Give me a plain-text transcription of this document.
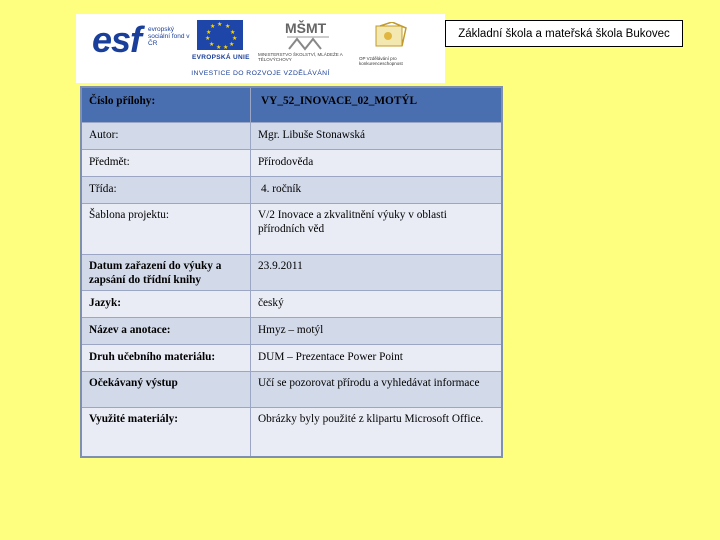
esf evropský sociální fond v ČR
★ ★
★
★
★
★
★
★
★
★
★
EVROPSKÁ UNIE
MŠMT
MINISTERSTVO ŠKOLSTVÍ, MLÁDEŽE A TĚLOVÝCHOVY	OP Vzdělávání pro konkurenceschopnost
INVESTICE DO ROZVOJE VZDĚLÁVÁNÍ
Základní škola a mateřská škola Bukovec
Číslo přílohy:	VY_52_INOVACE_02_MOTÝL
Autor:	Mgr. Libuše Stonawská
Předmět:	Přírodověda
Třída:	4. ročník
Šablona projektu:	V/2 Inovace a zkvalitnění výuky v oblasti přírodních věd
Datum zařazení do výuky a zapsání do třídní knihy	23.9.2011
Jazyk:	český
Název a anotace:	Hmyz – motýl
Druh učebního materiálu:	DUM – Prezentace Power Point
Očekávaný výstup	Učí se pozorovat přírodu a vyhledávat informace
Využité materiály:	Obrázky byly použité z klipartu Microsoft Office.
